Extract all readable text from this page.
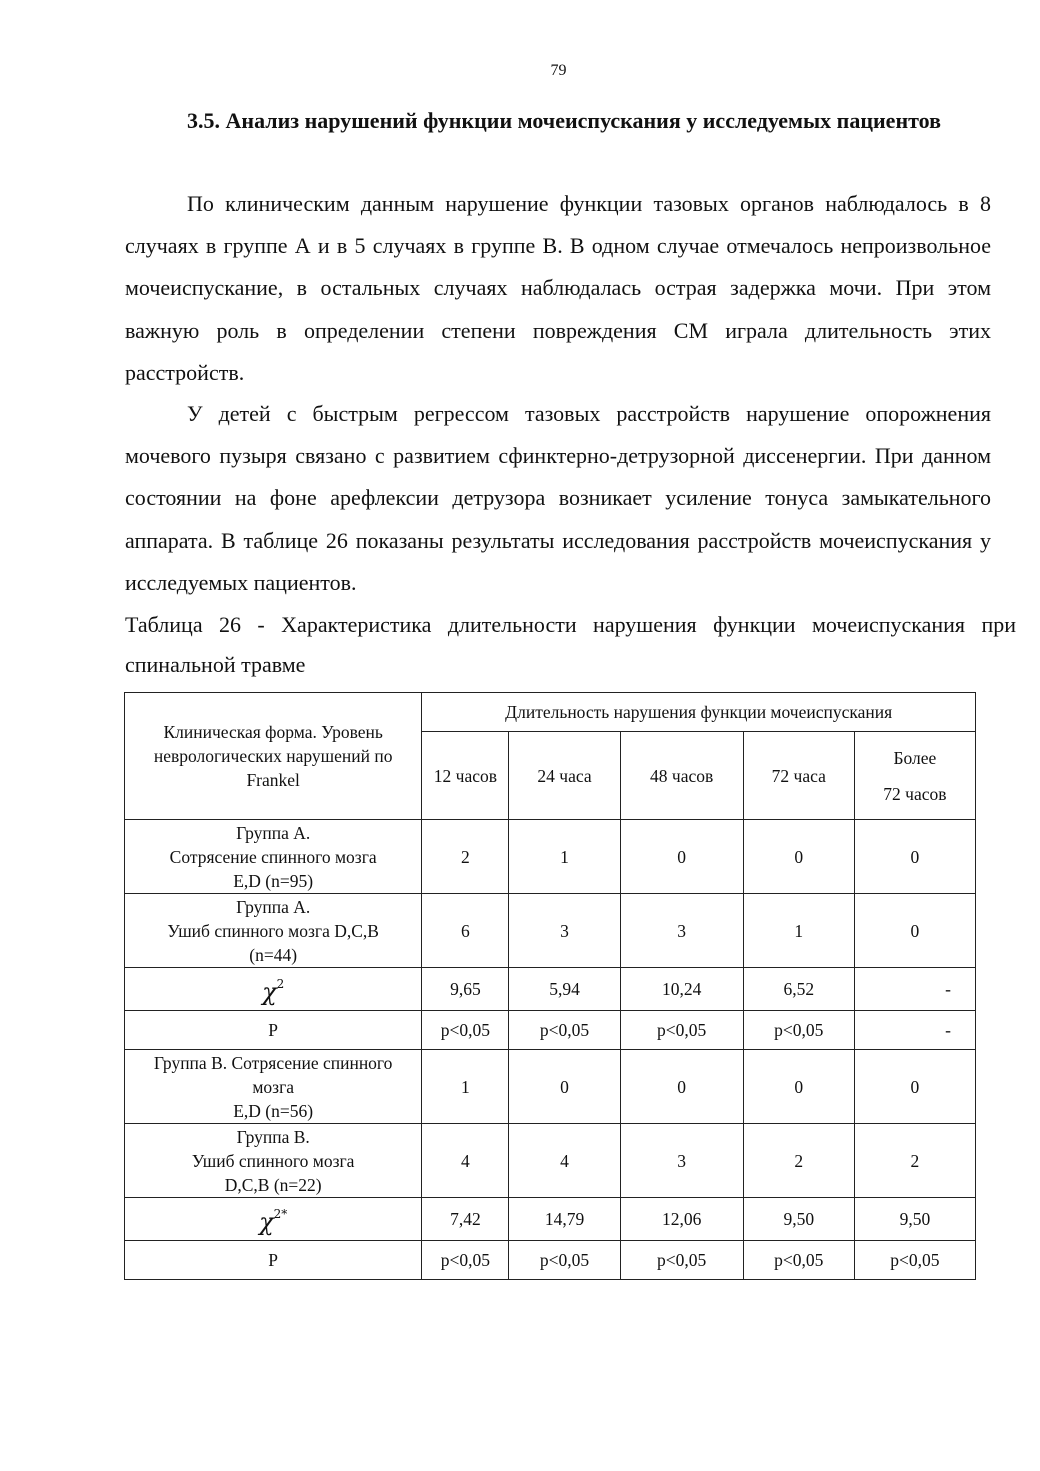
79

3.5. Анализ нарушений функции мочеиспускания у исследуемых пациентов

По клиническим данным нарушение функции тазовых органов наблюдалось в 8 случаях в группе А и в 5 случаях в группе В. В одном случае отмечалось непроизвольное мочеиспускание, в остальных случаях наблюдалась острая задержка мочи. При этом важную роль в определении степени повреждения СМ играла длительность этих расстройств.

У детей с быстрым регрессом тазовых расстройств нарушение опорожнения мочевого пузыря связано с развитием сфинктерно-детрузорной диссенергии. При данном состоянии на фоне арефлексии детрузора возникает усиление тонуса замыкательного аппарата. В таблице 26 показаны результаты исследования расстройств мочеиспускания у исследуемых пациентов.

Таблица 26 - Характеристика длительности нарушения функции мочеиспускания при спинальной травме

Клиническая форма. Уровень неврологических нарушений по Frankel	Длительность нарушения функции мочеиспускания				
	12 часов	24 часа	48 часов	72 часа	Более
72 часов
Группа А.
Сотрясение спинного мозга
E,D (n=95)	2	1	0	0	0
Группа А.
Ушиб спинного мозга D,C,B
(n=44)	6	3	3	1	0
$\chi^2$	9,65	5,94	10,24	6,52	-
P	p<0,05	p<0,05	p<0,05	p<0,05	-
Группа В. Сотрясение спинного
мозга
E,D (n=56)	1	0	0	0	0
Группа В.
Ушиб спинного мозга
D,C,B (n=22)	4	4	3	2	2
$\chi^{2*}$	7,42	14,79	12,06	9,50	9,50
P	p<0,05	p<0,05	p<0,05	p<0,05	p<0,05
